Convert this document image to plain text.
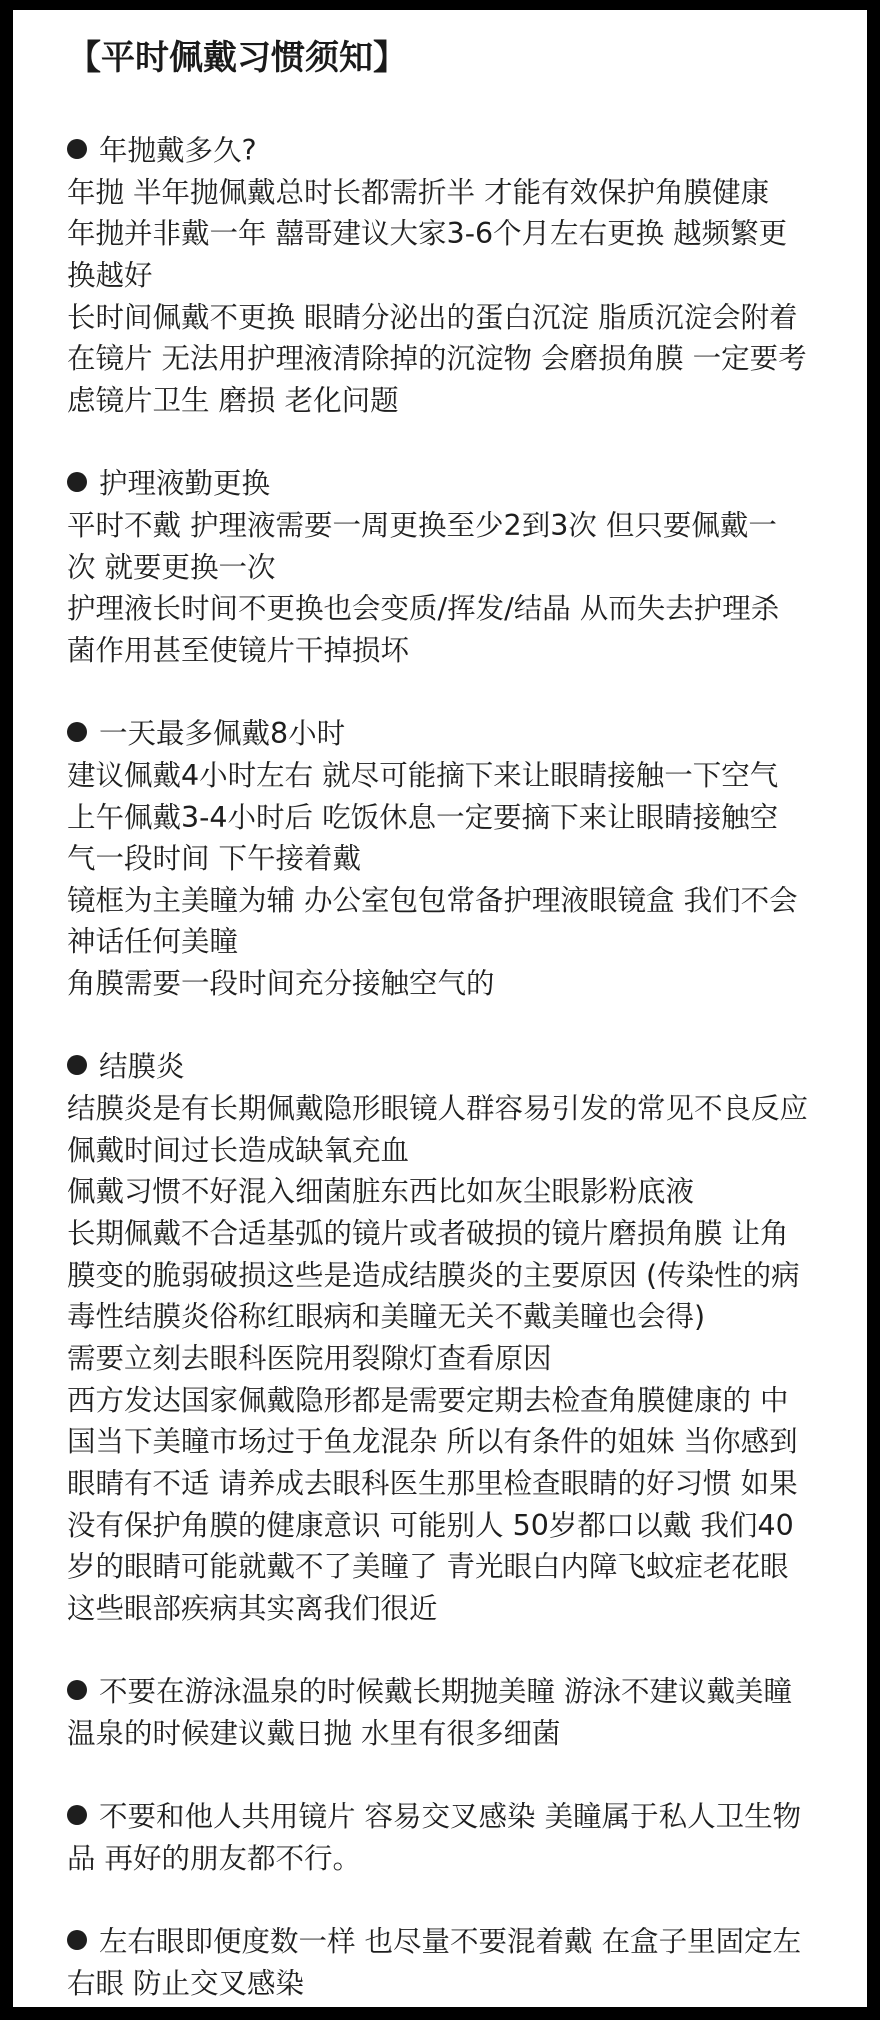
【平时佩戴习惯须知】
年抛戴多久?
年抛 半年抛佩戴总时长都需折半 才能有效保护角膜健康
年抛并非戴一年 囍哥建议大家3-6个月左右更换 越频繁更
换越好
长时间佩戴不更换 眼睛分泌出的蛋白沉淀 脂质沉淀会附着
在镜片 无法用护理液清除掉的沉淀物 会磨损角膜 一定要考
虑镜片卫生 磨损 老化问题
护理液勤更换
平时不戴 护理液需要一周更换至少2到3次 但只要佩戴一
次 就要更换一次
护理液长时间不更换也会变质/挥发/结晶 从而失去护理杀
菌作用甚至使镜片干掉损坏
一天最多佩戴8小时
建议佩戴4小时左右 就尽可能摘下来让眼睛接触一下空气
上午佩戴3-4小时后 吃饭休息一定要摘下来让眼睛接触空
气一段时间 下午接着戴
镜框为主美瞳为辅 办公室包包常备护理液眼镜盒 我们不会
神话任何美瞳
角膜需要一段时间充分接触空气的
结膜炎
结膜炎是有长期佩戴隐形眼镜人群容易引发的常见不良反应
佩戴时间过长造成缺氧充血
佩戴习惯不好混入细菌脏东西比如灰尘眼影粉底液
长期佩戴不合适基弧的镜片或者破损的镜片磨损角膜 让角
膜变的脆弱破损这些是造成结膜炎的主要原因 (传染性的病
毒性结膜炎俗称红眼病和美瞳无关不戴美瞳也会得)
需要立刻去眼科医院用裂隙灯查看原因
西方发达国家佩戴隐形都是需要定期去检查角膜健康的 中
国当下美瞳市场过于鱼龙混杂 所以有条件的姐妹 当你感到
眼睛有不适 请养成去眼科医生那里检查眼睛的好习惯 如果
没有保护角膜的健康意识 可能别人 50岁都口以戴 我们40
岁的眼睛可能就戴不了美瞳了 青光眼白内障飞蚊症老花眼
这些眼部疾病其实离我们很近
不要在游泳温泉的时候戴长期抛美瞳 游泳不建议戴美瞳
温泉的时候建议戴日抛 水里有很多细菌
不要和他人共用镜片 容易交叉感染 美瞳属于私人卫生物
品 再好的朋友都不行。
左右眼即便度数一样 也尽量不要混着戴 在盒子里固定左
右眼 防止交叉感染
